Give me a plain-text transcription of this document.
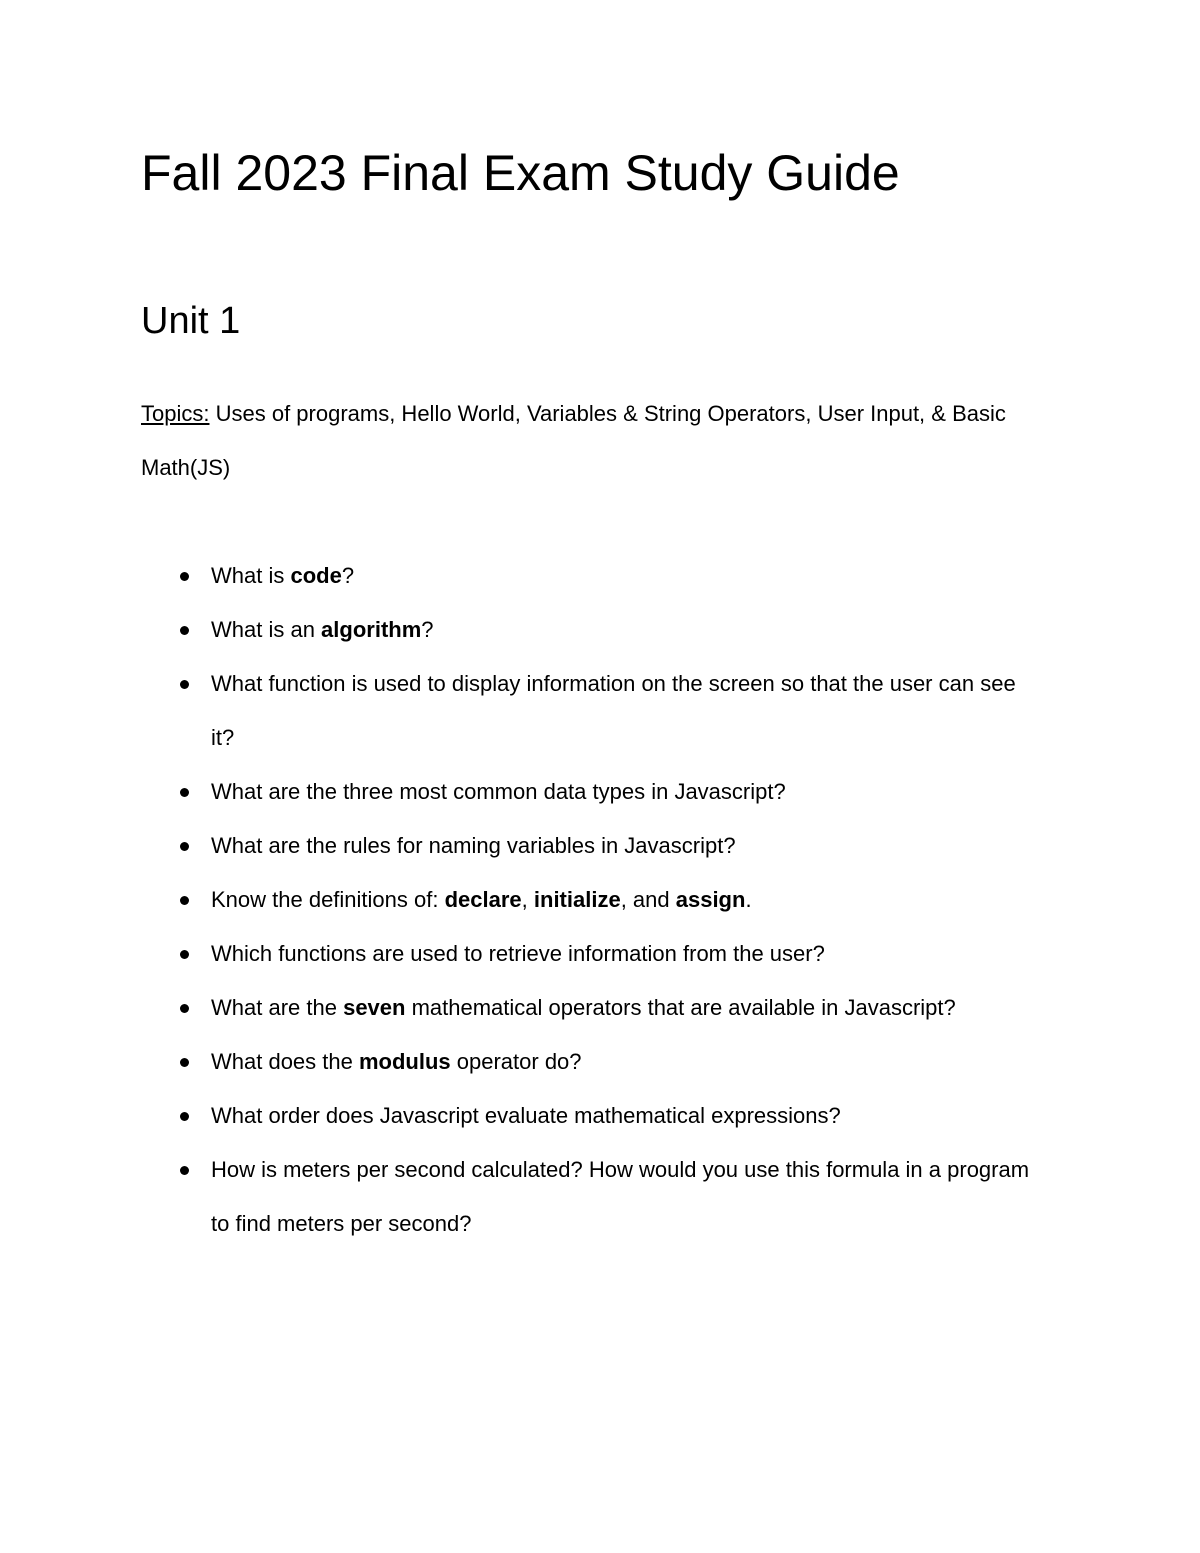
Fall 2023 Final Exam Study Guide
Unit 1

Topics: Uses of programs, Hello World, Variables & String Operators, User Input, & Basic Math(JS)

What is code?
What is an algorithm?
What function is used to display information on the screen so that the user can see it?
What are the three most common data types in Javascript?
What are the rules for naming variables in Javascript?
Know the definitions of: declare, initialize, and assign.
Which functions are used to retrieve information from the user?
What are the seven mathematical operators that are available in Javascript?
What does the modulus operator do?
What order does Javascript evaluate mathematical expressions?
How is meters per second calculated? How would you use this formula in a program to find meters per second?
